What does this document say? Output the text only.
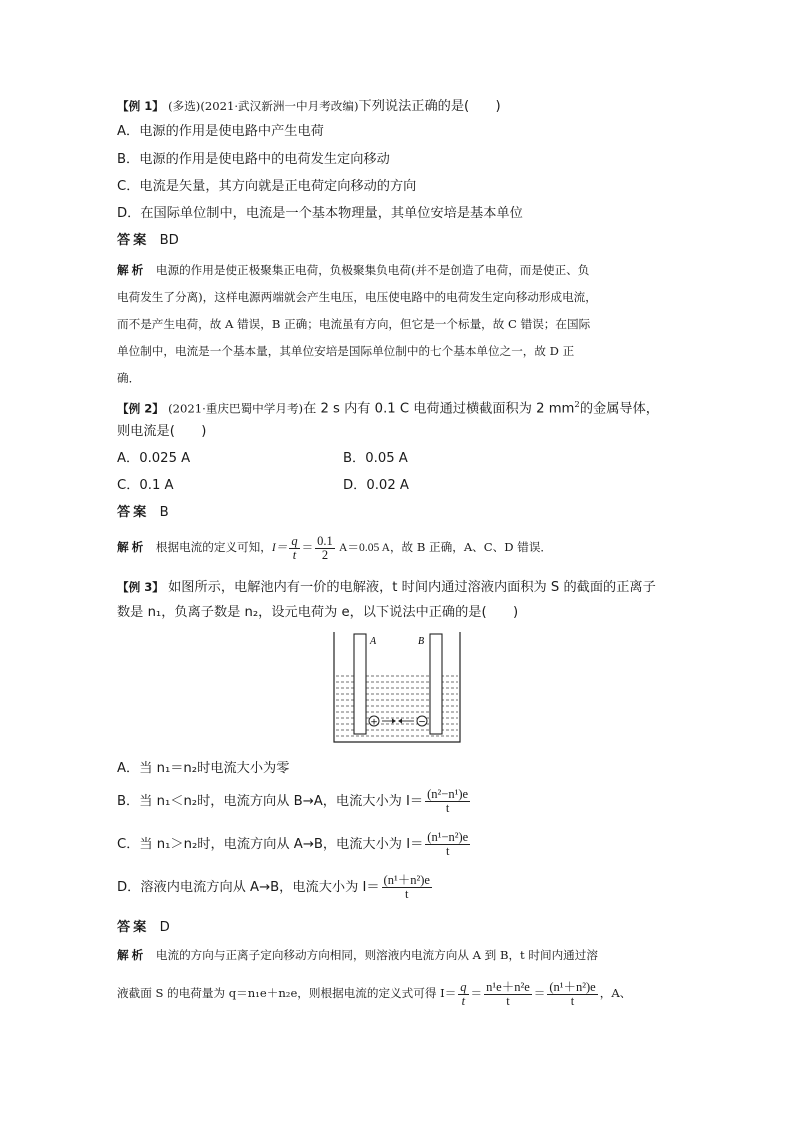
【例 1】 (多选)(2021·武汉新洲一中月考改编)下列说法正确的是(　　)
A．电源的作用是使电路中产生电荷
B．电源的作用是使电路中的电荷发生定向移动
C．电流是矢量，其方向就是正电荷定向移动的方向
D．在国际单位制中，电流是一个基本物理量，其单位安培是基本单位
答案 BD
解析 电源的作用是使正极聚集正电荷，负极聚集负电荷(并不是创造了电荷，而是使正、负
电荷发生了分离)，这样电源两端就会产生电压，电压使电路中的电荷发生定向移动形成电流，
而不是产生电荷，故 A 错误，B 正确；电流虽有方向，但它是一个标量，故 C 错误；在国际
单位制中，电流是一个基本量，其单位安培是国际单位制中的七个基本单位之一，故 D 正
确．
【例 2】 (2021·重庆巴蜀中学月考)在 2 s 内有 0.1 C 电荷通过横截面积为 2 $mm^2$的金属导体，
则电流是(　　)
A．0.025 A	B．0.05 A
C．0.1 A	D．0.02 A
答案 B
解析 根据电流的定义可知，$I= \frac{q}{t} = \frac{0.1}{2} A=0.05$ A，故 B 正确，A、C、D 错误．
【例 3】 如图所示，电解池内有一价的电解液，t 时间内通过溶液内面积为 S 的截面的正离子
数是 n₁，负离子数是 n₂，设元电荷为 e，以下说法中正确的是(　　)
A	B
+	−
A．当 n₁＝n₂时电流大小为零
B．当 n₁＜n₂时，电流方向从 B→A，电流大小为 $I= \frac{\text{(n²−n¹)e}}{t}$
C．当 n₁＞n₂时，电流方向从 A→B，电流大小为 $I= \frac{\text{(n¹−n²)e}}{t}$
D．溶液内电流方向从 A→B，电流大小为 $I= \frac{\text{(n¹＋n²)e}}{t}$
答案 D
解析 电流的方向与正离子定向移动方向相同，则溶液内电流方向从 A 到 B，t 时间内通过溶
液截面 S 的电荷量为 q＝n₁e＋n₂e，则根据电流的定义式可得 $I= \frac{q}{t} = \frac{\text{n¹e＋n²e}}{t} = \frac{\text{(n¹＋n²)e}}{t}$ ，A、
